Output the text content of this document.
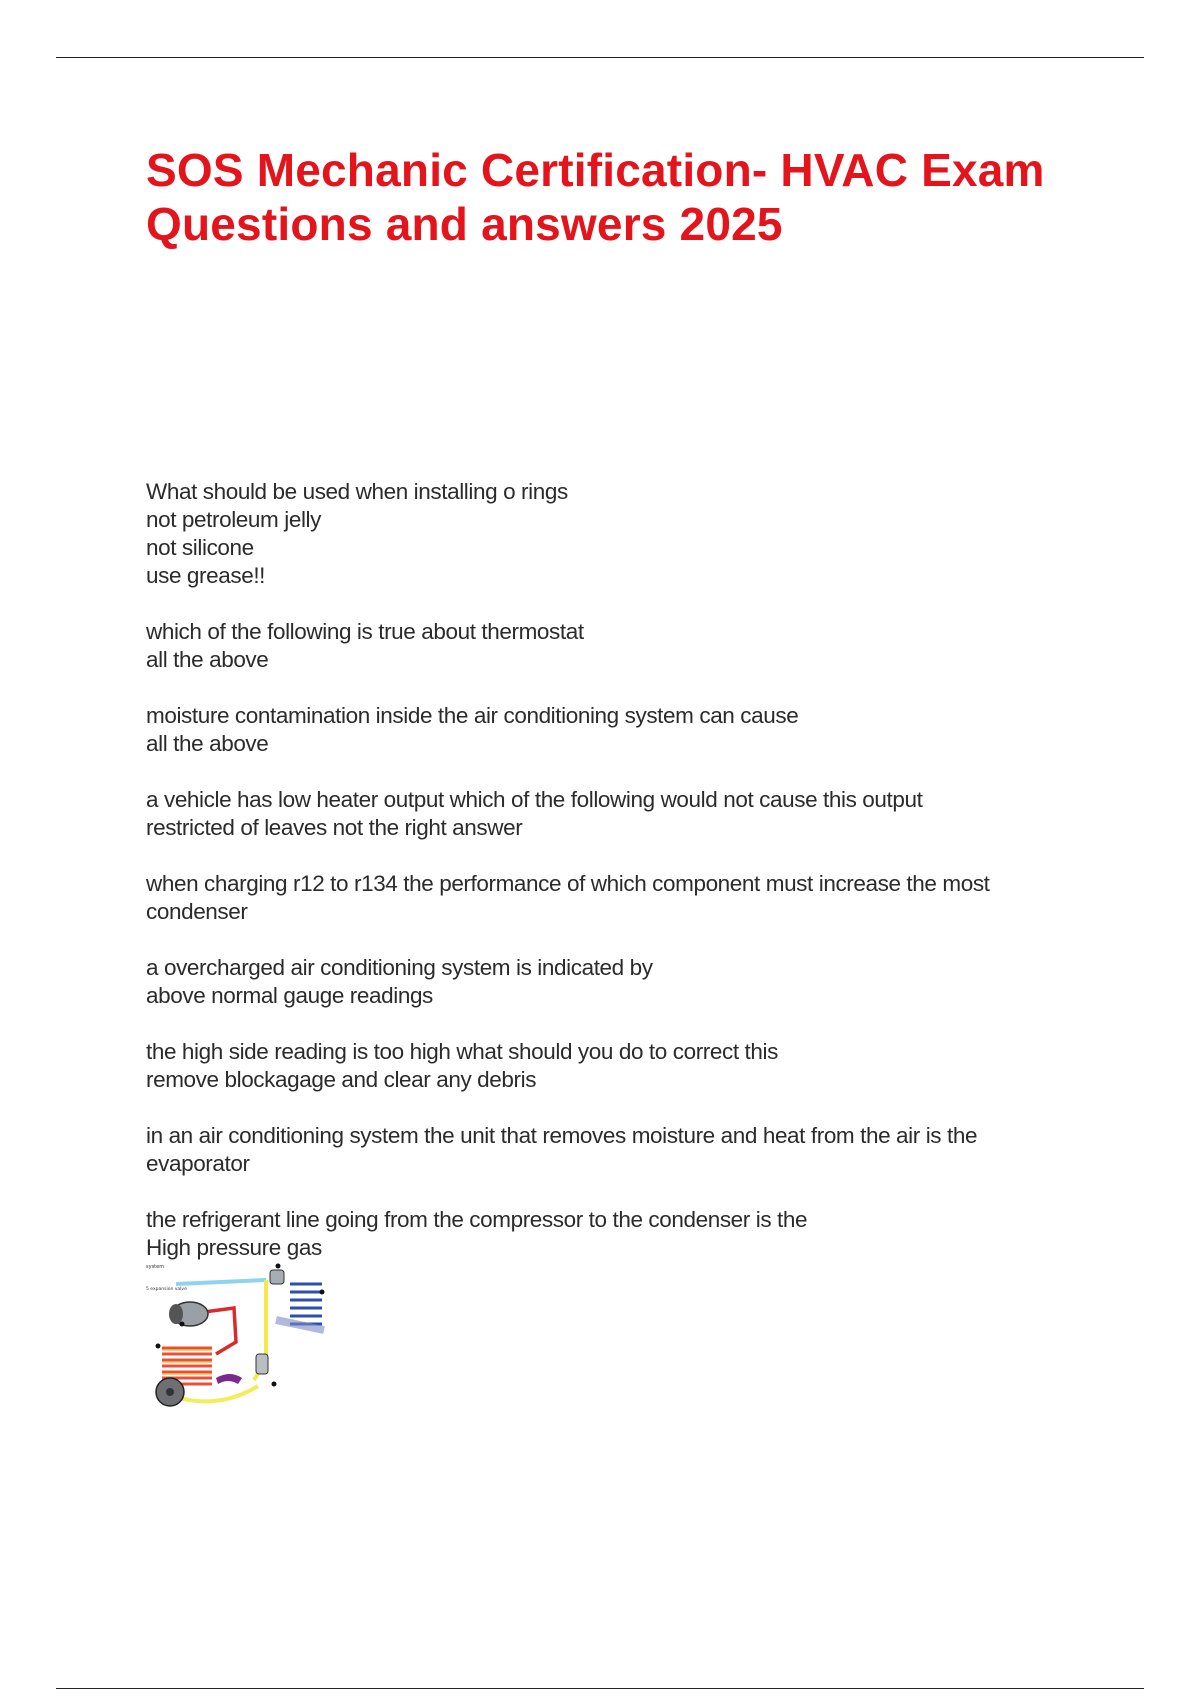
SOS Mechanic Certification- HVAC Exam
Questions and answers 2025
What should be used when installing o rings
not petroleum jelly
not silicone
use grease!!
which of the following is true about thermostat
all the above
moisture contamination inside the air conditioning system can cause
all the above
a vehicle has low heater output which of the following would not cause this output
restricted of leaves not the right answer
when charging r12 to r134 the performance of which component must increase the most
condenser
a overcharged air conditioning system is indicated by
above normal gauge readings
the high side reading is too high what should you do to correct this
remove blockagage and clear any debris
in an air conditioning system the unit that removes moisture and heat from the air is the
evaporator
the refrigerant line going from the compressor to the condenser is the
High pressure gas
system
5 expansion valve
